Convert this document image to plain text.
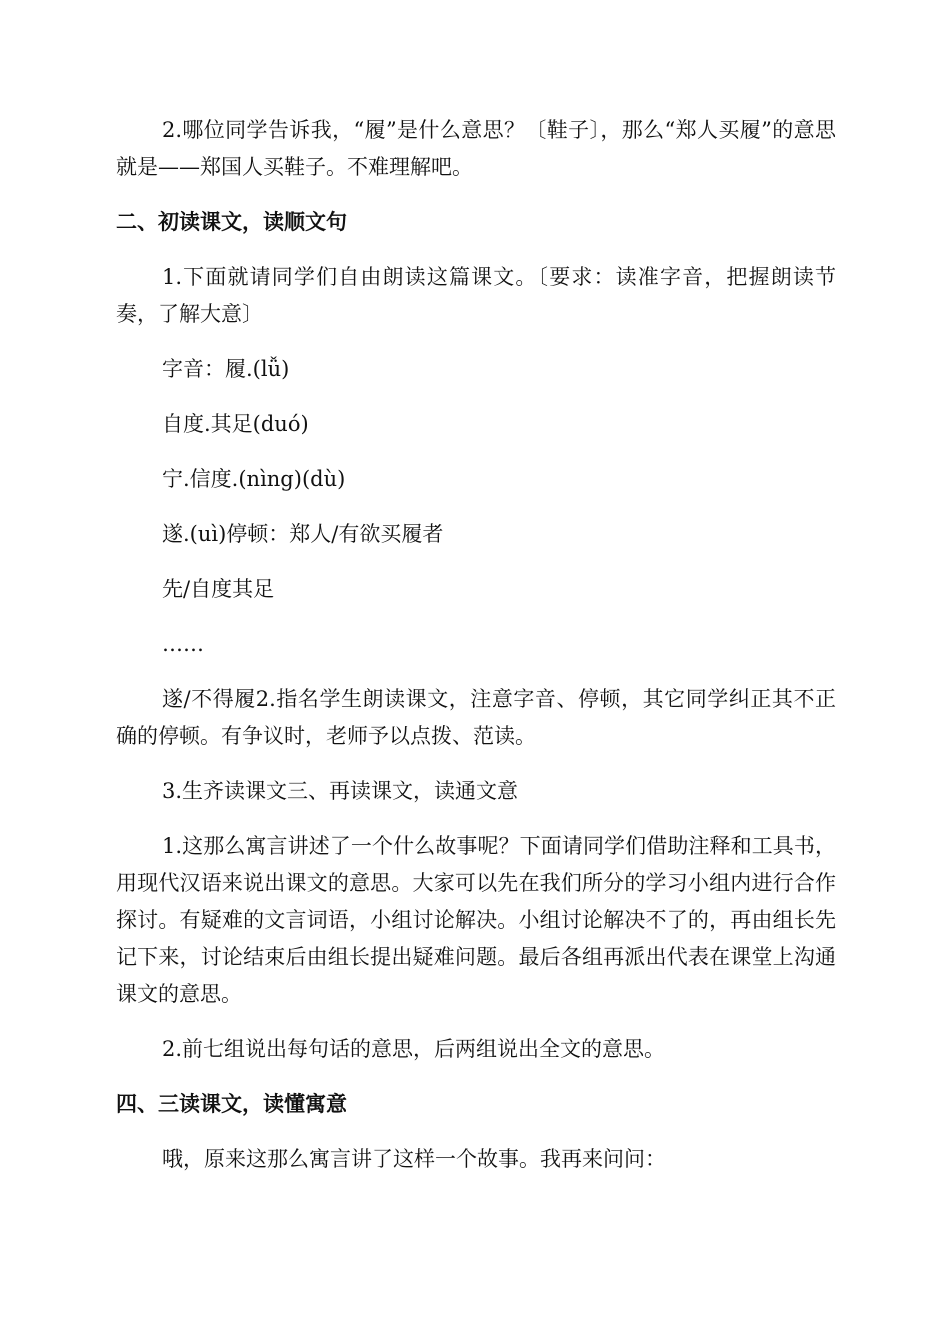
2.哪位同学告诉我，“履”是什么意思？〔鞋子〕，那么“郑人买履”的意思就是——郑国人买鞋子。不难理解吧。

二、初读课文，读顺文句

1.下面就请同学们自由朗读这篇课文。〔要求：读准字音，把握朗读节奏，了解大意〕

字音：履.(lǚ)

自度.其足(duó)

宁.信度.(nìng)(dù)

遂.(uì)停顿：郑人/有欲买履者

先/自度其足

……

遂/不得履2.指名学生朗读课文，注意字音、停顿，其它同学纠正其不正确的停顿。有争议时，老师予以点拨、范读。

3.生齐读课文三、再读课文，读通文意

1.这那么寓言讲述了一个什么故事呢？下面请同学们借助注释和工具书，用现代汉语来说出课文的意思。大家可以先在我们所分的学习小组内进行合作探讨。有疑难的文言词语，小组讨论解决。小组讨论解决不了的，再由组长先记下来，讨论结束后由组长提出疑难问题。最后各组再派出代表在课堂上沟通课文的意思。

2.前七组说出每句话的意思，后两组说出全文的意思。

四、三读课文，读懂寓意

哦，原来这那么寓言讲了这样一个故事。我再来问问：
